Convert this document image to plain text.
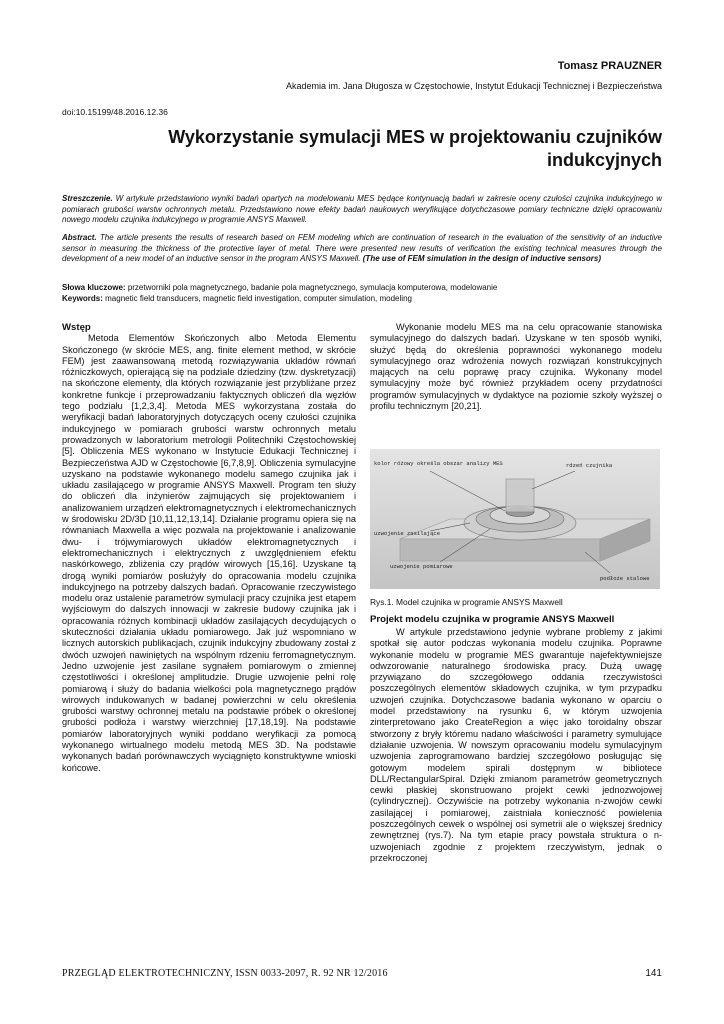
Tomasz PRAUZNER
Akademia im. Jana Długosza w Częstochowie, Instytut Edukacji Technicznej i Bezpieczeństwa
doi:10.15199/48.2016.12.36
Wykorzystanie symulacji MES w projektowaniu czujników indukcyjnych
Streszczenie. W artykule przedstawiono wyniki badań opartych na modelowaniu MES będące kontynuacją badań w zakresie oceny czułości czujnika indukcyjnego w pomiarach grubości warstw ochronnych metalu. Przedstawiono nowe efekty badań naukowych weryfikujące dotychczasowe pomiary techniczne dzięki opracowaniu nowego modelu czujnika indukcyjnego w programie ANSYS Maxwell.
Abstract. The article presents the results of research based on FEM modeling which are continuation of research in the evaluation of the sensitivity of an inductive sensor in measuring the thickness of the protective layer of metal. There were presented new results of verification the existing technical measures through the development of a new model of an inductive sensor in the program ANSYS Maxwell. (The use of FEM simulation in the design of inductive sensors)
Słowa kluczowe: przetworniki pola magnetycznego, badanie pola magnetycznego, symulacja komputerowa, modelowanie
Keywords: magnetic field transducers, magnetic field investigation, computer simulation, modeling
Wstęp

Metoda Elementów Skończonych albo Metoda Elementu Skończonego (w skrócie MES, ang. finite element method, w skrócie FEM) jest zaawansowaną metodą rozwiązywania układów równań różniczkowych, opierającą się na podziale dziedziny (tzw. dyskretyzacji) na skończone elementy, dla których rozwiązanie jest przybliżane przez konkretne funkcje i przeprowadzaniu faktycznych obliczeń dla węzłów tego podziału [1,2,3,4]. Metoda MES wykorzystana została do weryfikacji badań laboratoryjnych dotyczących oceny czułości czujnika indukcyjnego w pomiarach grubości warstw ochronnych metalu prowadzonych w laboratorium metrologii Politechniki Częstochowskiej [5]. Obliczenia MES wykonano w Instytucie Edukacji Technicznej i Bezpieczeństwa AJD w Częstochowie [6,7,8,9]. Obliczenia symulacyjne uzyskano na podstawie wykonanego modelu samego czujnika jak i układu zasilającego w programie ANSYS Maxwell. Program ten służy do obliczeń dla inżynierów zajmujących się projektowaniem i analizowaniem urządzeń elektromagnetycznych i elektromechanicznych w środowisku 2D/3D [10,11,12,13,14]. Działanie programu opiera się na równaniach Maxwella a więc pozwala na projektowanie i analizowanie dwu- i trójwymiarowych układów elektromagnetycznych i elektromechanicznych i elektrycznych z uwzględnieniem efektu naskórkowego, zbliżenia czy prądów wirowych [15,16]. Uzyskane tą drogą wyniki pomiarów posłużyły do opracowania modelu czujnika indukcyjnego na potrzeby dalszych badań. Opracowanie rzeczywistego modelu oraz ustalenie parametrów symulacji pracy czujnika jest etapem wyjściowym do dalszych innowacji w zakresie budowy czujnika jak i opracowania różnych kombinacji układów zasilających decydujących o skuteczności działania układu pomiarowego. Jak już wspomniano w licznych autorskich publikacjach, czujnik indukcyjny zbudowany został z dwóch uzwojeń nawiniętych na wspólnym rdzeniu ferromagnetycznym. Jedno uzwojenie jest zasilane sygnałem pomiarowym o zmiennej częstotliwości i określonej amplitudzie. Drugie uzwojenie pełni rolę pomiarową i służy do badania wielkości pola magnetycznego prądów wirowych indukowanych w badanej powierzchni w celu określenia grubości warstwy ochronnej metalu na podstawie próbek o określonej grubości podłoża i warstwy wierzchniej [17,18,19]. Na podstawie pomiarów laboratoryjnych wyniki poddano weryfikacji za pomocą wykonanego wirtualnego modelu metodą MES 3D. Na podstawie wykonanych badań porównawczych wyciągnięto konstruktywne wnioski końcowe.

Wykonanie modelu MES ma na celu opracowanie stanowiska symulacyjnego do dalszych badań. Uzyskane w ten sposób wyniki, służyć będą do określenia poprawności wykonanego modelu symulacyjnego oraz wdrożenia nowych rozwiązań konstrukcyjnych mających na celu poprawę pracy czujnika. Wykonany model symulacyjny może być również przykładem oceny przydatności programów symulacyjnych w dydaktyce na poziomie szkoły wyższej o profilu technicznym [20,21].

kolor różowy określa obszar analizy MES	rdzeń czujnika
uzwojenie zasilające
uzwojenie pomiarowe
podłoże stalowe
Rys.1. Model czujnika w programie ANSYS Maxwell
Projekt modelu czujnika w programie ANSYS Maxwell

W artykule przedstawiono jedynie wybrane problemy z jakimi spotkał się autor podczas wykonania modelu czujnika. Poprawne wykonanie modelu w programie MES gwarantuje najefektywniejsze odwzorowanie naturalnego środowiska pracy. Dużą uwagę przywiązano do szczegółowego oddania rzeczywistości poszczególnych elementów składowych czujnika, w tym przypadku uzwojeń czujnika. Dotychczasowe badania wykonano w oparciu o model przedstawiony na rysunku 6, w którym uzwojenia zinterpretowano jako CreateRegion a więc jako toroidalny obszar stworzony z bryły któremu nadano właściwości i parametry symulujące działanie uzwojenia. W nowszym opracowaniu modelu symulacyjnym uzwojenia zaprogramowano bardziej szczegółowo posługując się gotowym modelem spirali dostępnym w bibliotece DLL/RectangularSpiral. Dzięki zmianom parametrów geometrycznych cewki płaskiej skonstruowano projekt cewki jednozwojowej (cylindrycznej). Oczywiście na potrzeby wykonania n-zwojów cewki zasilającej i pomiarowej, zaistniała konieczność powielenia poszczególnych cewek o wspólnej osi symetrii ale o większej średnicy zewnętrznej (rys.7). Na tym etapie pracy powstała struktura o n-uzwojeniach zgodnie z projektem rzeczywistym, jednak o przekroczonej

PRZEGLĄD ELEKTROTECHNICZNY, ISSN 0033-2097, R. 92 NR 12/2016	141
